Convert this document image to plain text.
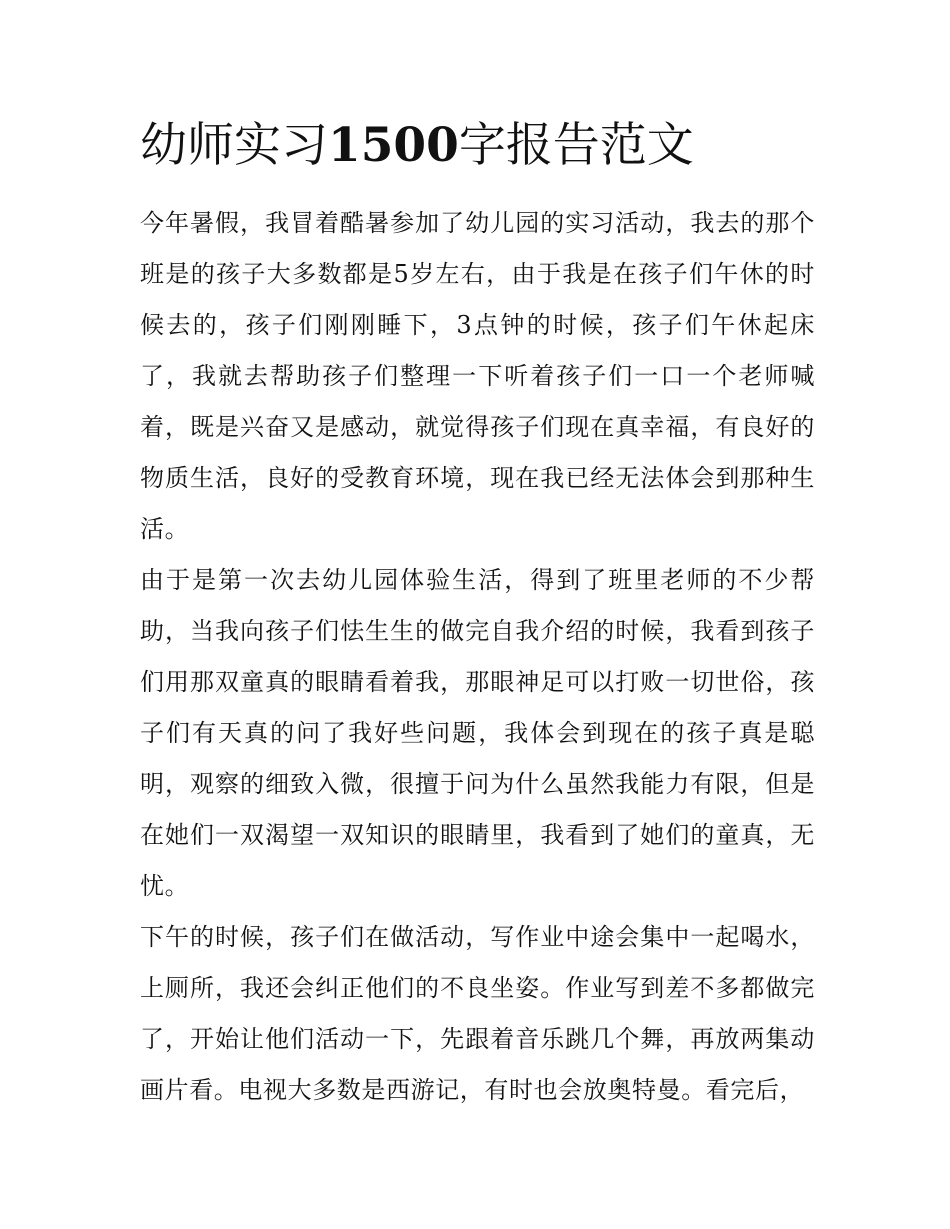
幼师实习1500字报告范文

今年暑假，我冒着酷暑参加了幼儿园的实习活动，我去的那个班是的孩子大多数都是5岁左右，由于我是在孩子们午休的时候去的，孩子们刚刚睡下，3点钟的时候，孩子们午休起床了，我就去帮助孩子们整理一下听着孩子们一口一个老师喊着，既是兴奋又是感动，就觉得孩子们现在真幸福，有良好的物质生活，良好的受教育环境，现在我已经无法体会到那种生活。

由于是第一次去幼儿园体验生活，得到了班里老师的不少帮助，当我向孩子们怯生生的做完自我介绍的时候，我看到孩子们用那双童真的眼睛看着我，那眼神足可以打败一切世俗，孩子们有天真的问了我好些问题，我体会到现在的孩子真是聪明，观察的细致入微，很擅于问为什么虽然我能力有限，但是在她们一双渴望一双知识的眼睛里，我看到了她们的童真，无忧。

下午的时候，孩子们在做活动，写作业中途会集中一起喝水，上厕所，我还会纠正他们的不良坐姿。作业写到差不多都做完了，开始让他们活动一下，先跟着音乐跳几个舞，再放两集动画片看。电视大多数是西游记，有时也会放奥特曼。看完后，
